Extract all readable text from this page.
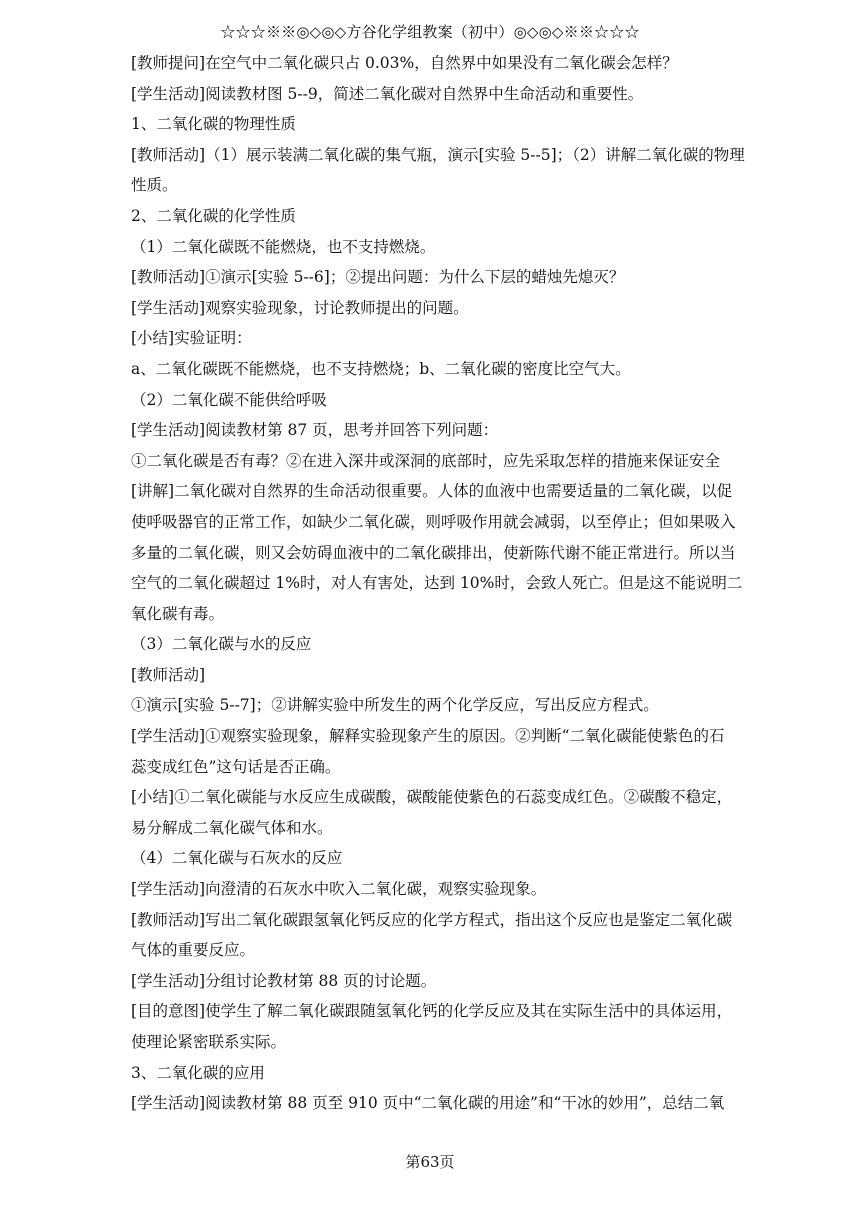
☆☆☆※※◎◇◎◇方谷化学组教案（初中）◎◇◎◇※※☆☆☆
[教师提问]在空气中二氧化碳只占 0.03%，自然界中如果没有二氧化碳会怎样？
[学生活动]阅读教材图 5--9，简述二氧化碳对自然界中生命活动和重要性。
1、二氧化碳的物理性质
[教师活动]（1）展示装满二氧化碳的集气瓶，演示[实验 5--5]；（2）讲解二氧化碳的物理
性质。
2、二氧化碳的化学性质
（1）二氧化碳既不能燃烧，也不支持燃烧。
[教师活动]①演示[实验 5--6]；②提出问题：为什么下层的蜡烛先熄灭？
[学生活动]观察实验现象，讨论教师提出的问题。
[小结]实验证明：
a、二氧化碳既不能燃烧，也不支持燃烧；b、二氧化碳的密度比空气大。
（2）二氧化碳不能供给呼吸
[学生活动]阅读教材第 87 页，思考并回答下列问题：
①二氧化碳是否有毒？②在进入深井或深洞的底部时，应先采取怎样的措施来保证安全
[讲解]二氧化碳对自然界的生命活动很重要。人体的血液中也需要适量的二氧化碳，以促
使呼吸器官的正常工作，如缺少二氧化碳，则呼吸作用就会减弱，以至停止；但如果吸入
多量的二氧化碳，则又会妨碍血液中的二氧化碳排出，使新陈代谢不能正常进行。所以当
空气的二氧化碳超过 1%时，对人有害处，达到 10%时，会致人死亡。但是这不能说明二
氧化碳有毒。
（3）二氧化碳与水的反应
[教师活动]
①演示[实验 5--7]；②讲解实验中所发生的两个化学反应，写出反应方程式。
[学生活动]①观察实验现象，解释实验现象产生的原因。②判断“二氧化碳能使紫色的石
蕊变成红色”这句话是否正确。
[小结]①二氧化碳能与水反应生成碳酸，碳酸能使紫色的石蕊变成红色。②碳酸不稳定，
易分解成二氧化碳气体和水。
（4）二氧化碳与石灰水的反应
[学生活动]向澄清的石灰水中吹入二氧化碳，观察实验现象。
[教师活动]写出二氧化碳跟氢氧化钙反应的化学方程式，指出这个反应也是鉴定二氧化碳
气体的重要反应。
[学生活动]分组讨论教材第 88 页的讨论题。
[目的意图]使学生了解二氧化碳跟随氢氧化钙的化学反应及其在实际生活中的具体运用，
使理论紧密联系实际。
3、二氧化碳的应用
[学生活动]阅读教材第 88 页至 910 页中“二氧化碳的用途”和“干冰的妙用”，总结二氧
第63页
